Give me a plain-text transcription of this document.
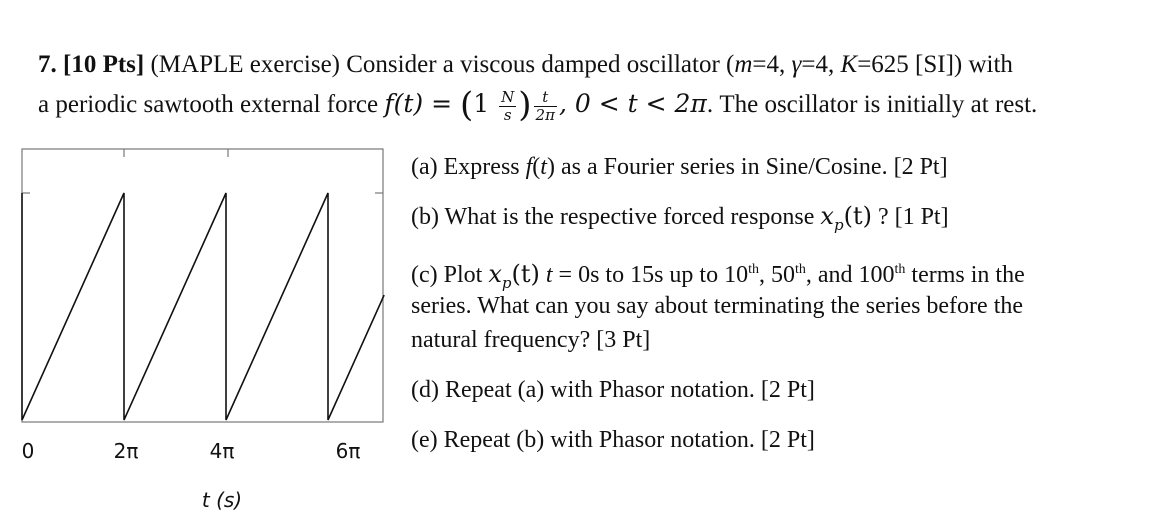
7. [10 Pts] (MAPLE exercise) Consider a viscous damped oscillator (m=4, γ=4, K=625 [SI]) with
a periodic sawtooth external force $f(t) = (1 \frac{N}{s}$ ) $\frac{t}{2\pi}$ , 0 < t < 2π. The oscillator is initially at rest.
0	2π	4π	6π
t (s)
(a) Express f(t) as a Fourier series in Sine/Cosine. [2 Pt]
(b) What is the respective forced response $x_p(t)$ ? [1 Pt]
(c) Plot $x_p(t) t = 0s$ to 15s up to 10th, 50th, and 100th terms in the
series. What can you say about terminating the series before the
natural frequency? [3 Pt]
(d) Repeat (a) with Phasor notation. [2 Pt]
(e) Repeat (b) with Phasor notation. [2 Pt]
